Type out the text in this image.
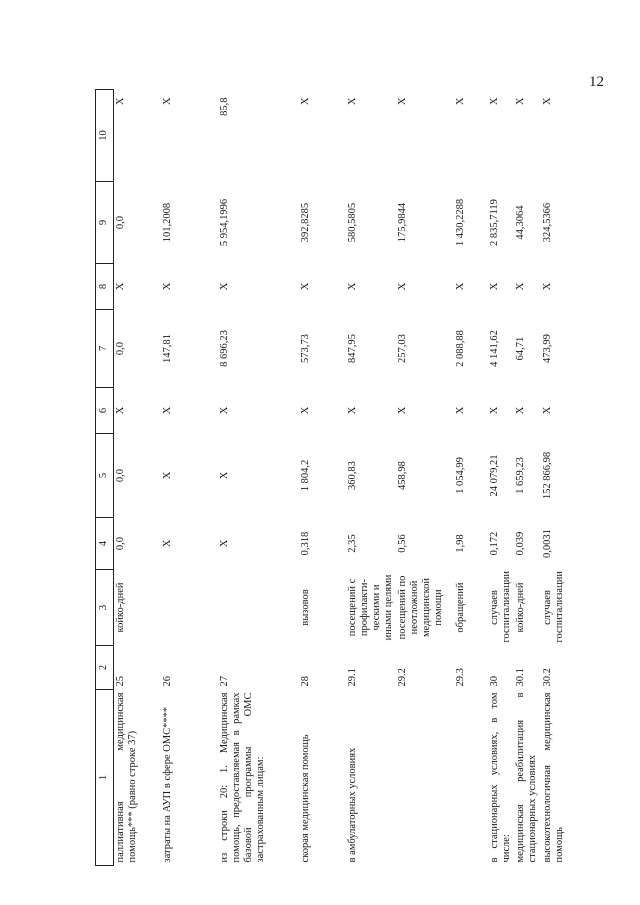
12
1	2	3	4	5	6	7	8	9	10
паллиативная медицинская помощь*** (равно строке 37)	25	койко-дней	0,0	0,0	Х	0,0	Х	0,0	Х
затраты на АУП в сфере ОМС****	26		Х	Х	Х	147,81	Х	101,2008	Х
из строки 20: 1. Медицинская помощь, предоставляемая в рамках базовой программы ОМС застрахованным лицам:	27		Х	Х	Х	8 696,23	Х	5 954,1996	85,8
скорая медицинская помощь	28	вызовов	0,318	1 804,2	Х	573,73	Х	392,8285	Х
в амбулаторных условиях	29.1	посещений с профилакти-ческими и иными целями	2,35	360,83	Х	847,95	Х	580,5805	Х
	29.2	посещений по неотложной медицинской помощи	0,56	458,98	Х	257,03	Х	175,9844	Х
	29.3	обращений	1,98	1 054,99	Х	2 088,88	Х	1 430,2288	Х
в стационарных условиях, в том числе:	30	случаев госпитализации	0,172	24 079,21	Х	4 141,62	Х	2 835,7119	Х
медицинская реабилитация в стационарных условиях	30.1	койко-дней	0,039	1 659,23	Х	64,71	Х	44,3064	Х
высокотехнологичная медицинская помощь	30.2	случаев госпитализации	0,0031	152 866,98	Х	473,99	Х	324,5366	Х
